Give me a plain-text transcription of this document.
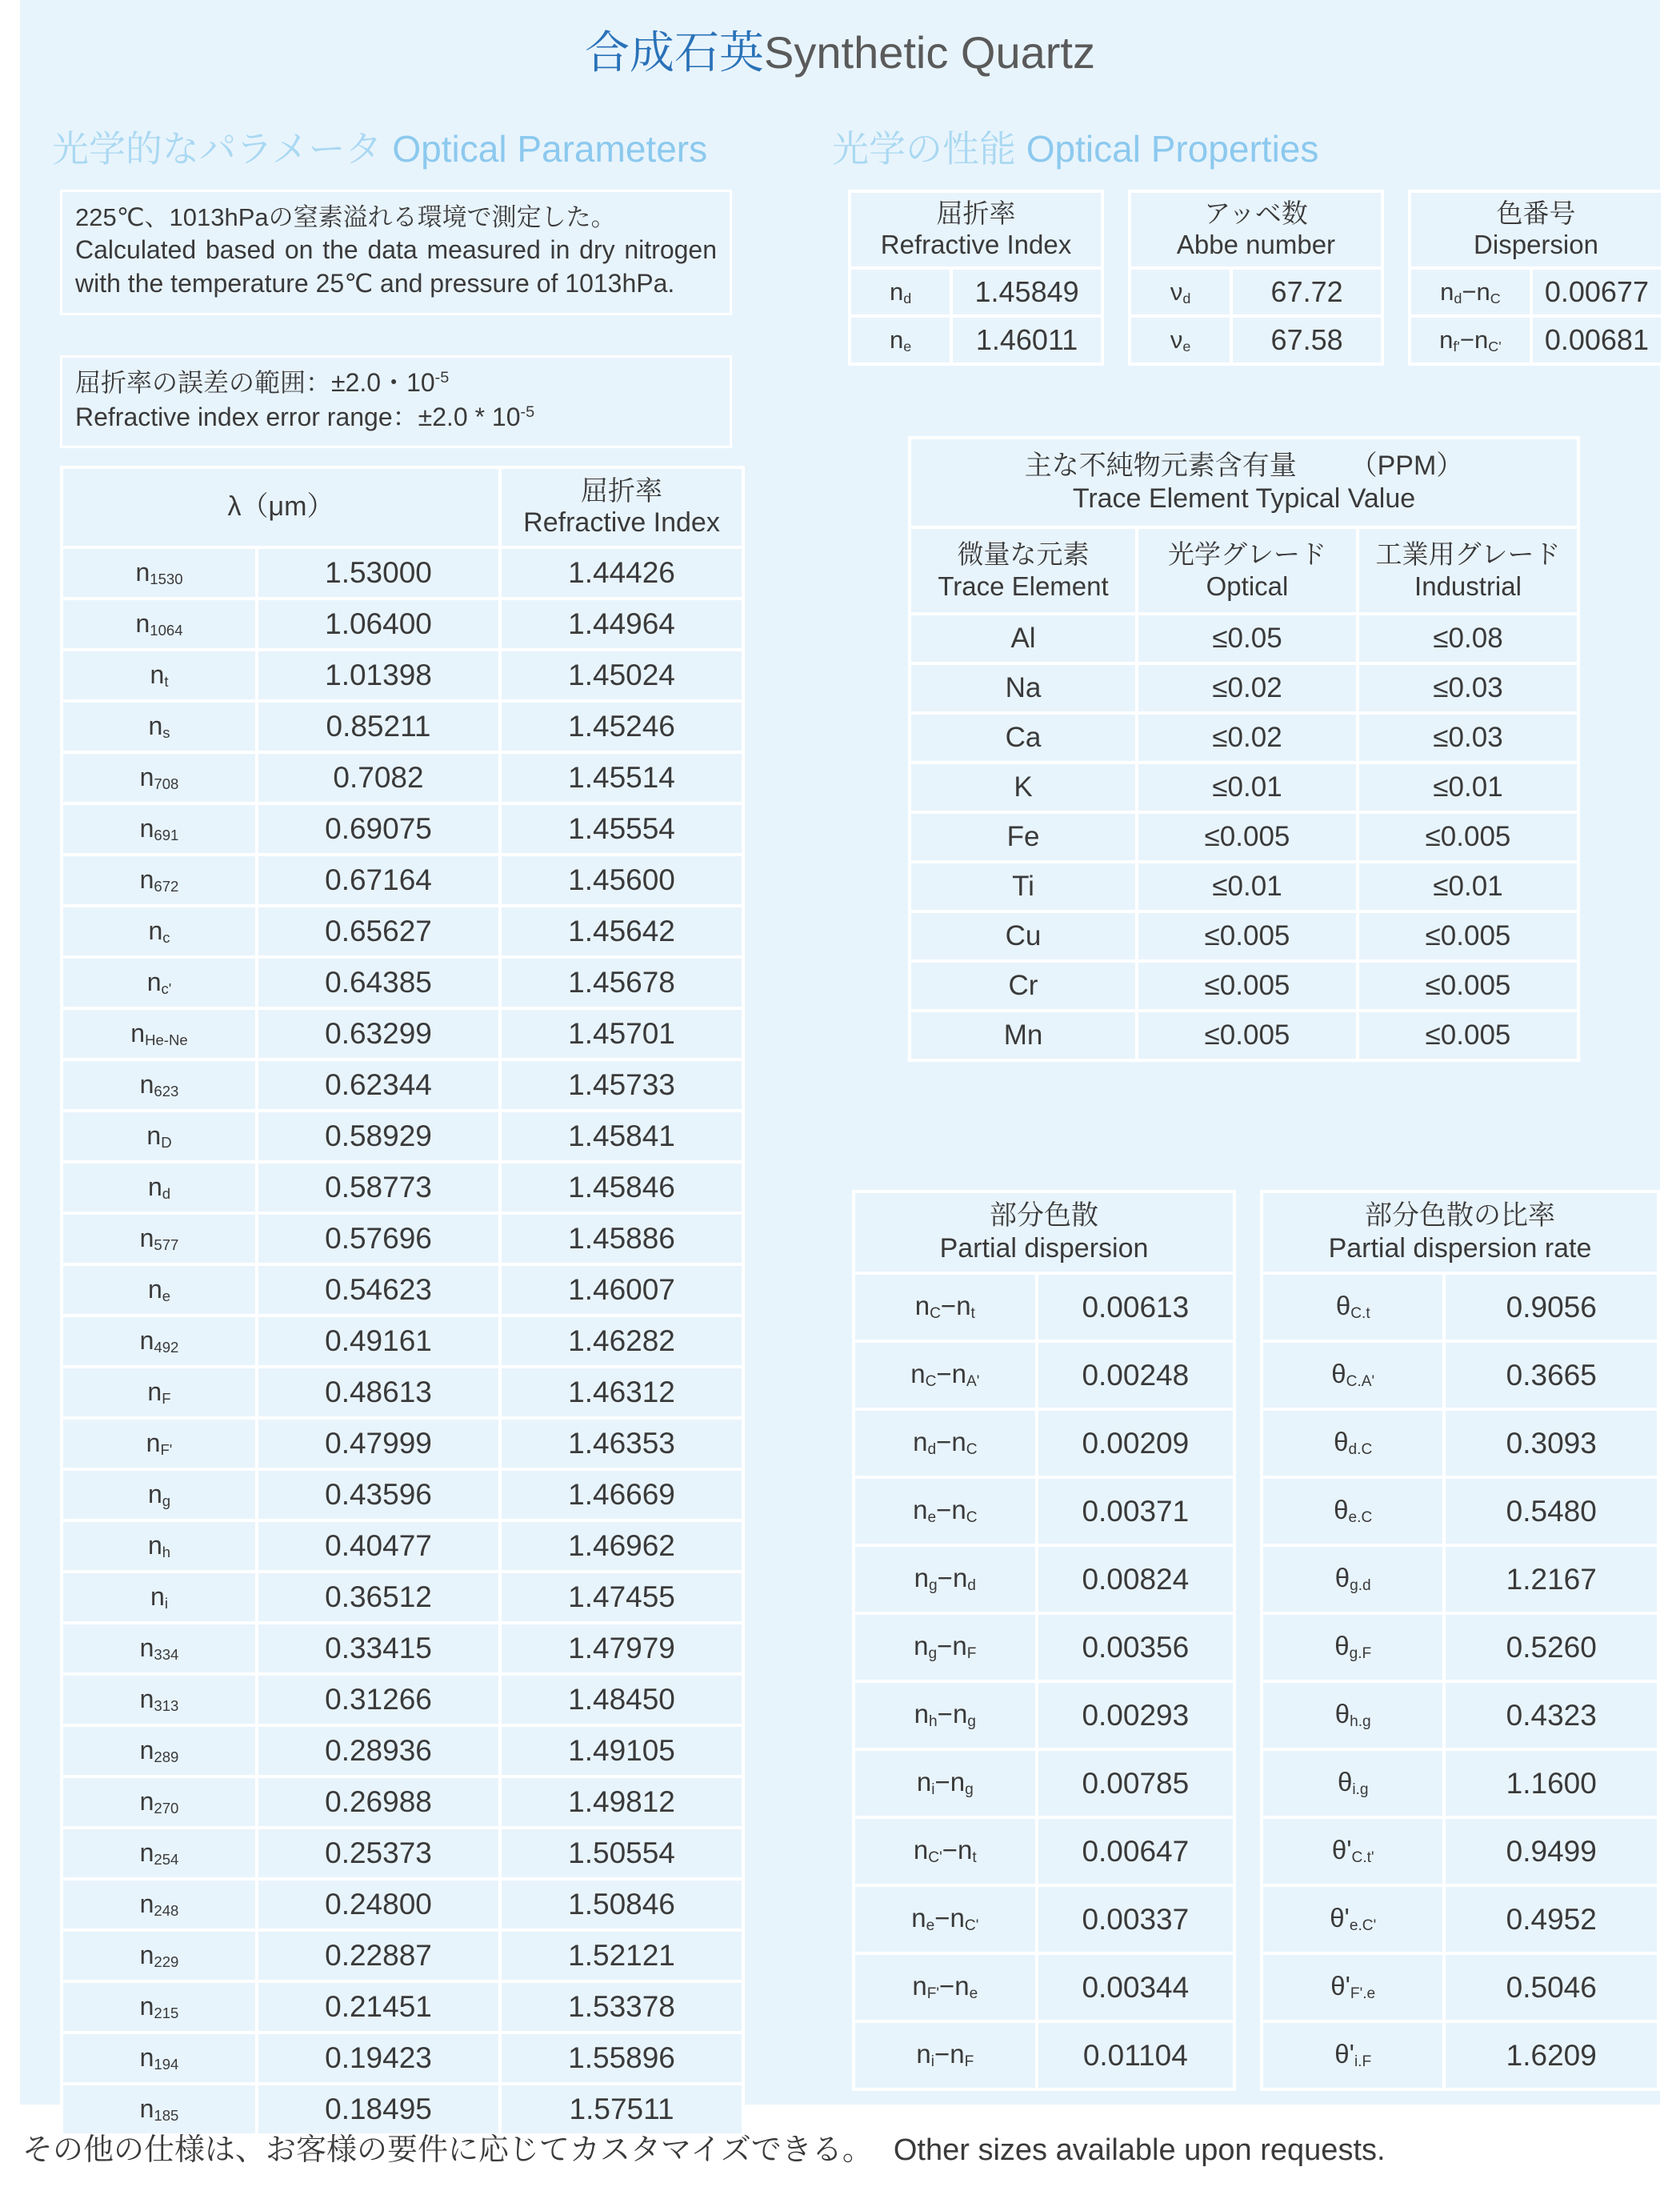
合成石英Synthetic Quartz
光学的なパラメータ Optical Parameters	光学の性能 Optical Properties
225℃、1013hPaの窒素溢れる環境で測定した。
Calculated based on the data measured in dry nitrogen with the temperature 25℃ and pressure of 1013hPa.
屈折率の誤差の範囲：±2.0・$10^{-5}$
Refractive index error range：$\pm 2.0 * 10^{-5}$
λ（μm）		屈折率
Refractive Index

$n_{1530}$	1.53000	1.44426
$n_{1064}$	1.06400	1.44964
$n_t$	1.01398	1.45024
$n_s$	0.85211	1.45246
$n_{708}$	0.7082	1.45514
$n_{691}$	0.69075	1.45554
$n_{672}$	0.67164	1.45600
$n_c$	0.65627	1.45642
$n_{c'}$	0.64385	1.45678
$n_{He-Ne}$	0.63299	1.45701
$n_{623}$	0.62344	1.45733
$n_D$	0.58929	1.45841
$n_d$	0.58773	1.45846
$n_{577}$	0.57696	1.45886
$n_e$	0.54623	1.46007
$n_{492}$	0.49161	1.46282
$n_F$	0.48613	1.46312
$n_{F'}$	0.47999	1.46353
$n_g$	0.43596	1.46669
$n_h$	0.40477	1.46962
$n_i$	0.36512	1.47455
$n_{334}$	0.33415	1.47979
$n_{313}$	0.31266	1.48450
$n_{289}$	0.28936	1.49105
$n_{270}$	0.26988	1.49812
$n_{254}$	0.25373	1.50554
$n_{248}$	0.24800	1.50846
$n_{229}$	0.22887	1.52121
$n_{215}$	0.21451	1.53378
$n_{194}$	0.19423	1.55896
$n_{185}$	0.18495	1.57511
屈折率
Refractive Index	

$n_d$	1.45849
$n_e$	1.46011
アッベ数
Abbe number	

$\nu_d$	67.72
$\nu_e$	67.58
色番号
Dispersion	

$n_d-n_C$	0.00677
$n_{f'}-n_{C'}$	0.00681
主な不純物元素含有量 （PPM）
Trace Element Typical Value		

微量な元素
Trace Element

光学グレード
Optical

工業用グレード
Industrial

Al	≤0.05	≤0.08
Na	≤0.02	≤0.03
Ca	≤0.02	≤0.03
K	≤0.01	≤0.01
Fe	≤0.005	≤0.005
Ti	≤0.01	≤0.01
Cu	≤0.005	≤0.005
Cr	≤0.005	≤0.005
Mn	≤0.005	≤0.005
部分色散
Partial dispersion	

$n_C-n_t$	0.00613
$n_C-n_{A'}$	0.00248
$n_d-n_C$	0.00209
$n_e-n_C$	0.00371
$n_g-n_d$	0.00824
$n_g-n_F$	0.00356
$n_h-n_g$	0.00293
$n_i-n_g$	0.00785
$n_{C'}-n_t$	0.00647
$n_e-n_{C'}$	0.00337
$n_{F'}-n_e$	0.00344
$n_i-n_F$	0.01104
部分色散の比率
Partial dispersion rate	

$\theta_{C.t}$	0.9056
$\theta_{C.A'}$	0.3665
$\theta_{d.C}$	0.3093
$\theta_{e.C}$	0.5480
$\theta_{g.d}$	1.2167
$\theta_{g.F}$	0.5260
$\theta_{h.g}$	0.4323
$\theta_{i.g}$	1.1600
$\theta'_{C.t'}$	0.9499
$\theta'_{e.C'}$	0.4952
$\theta'_{F'.e}$	0.5046
$\theta'_{i.F}$	1.6209
その他の仕様は、お客様の要件に応じてカスタマイズできる。 Other sizes available upon requests.
